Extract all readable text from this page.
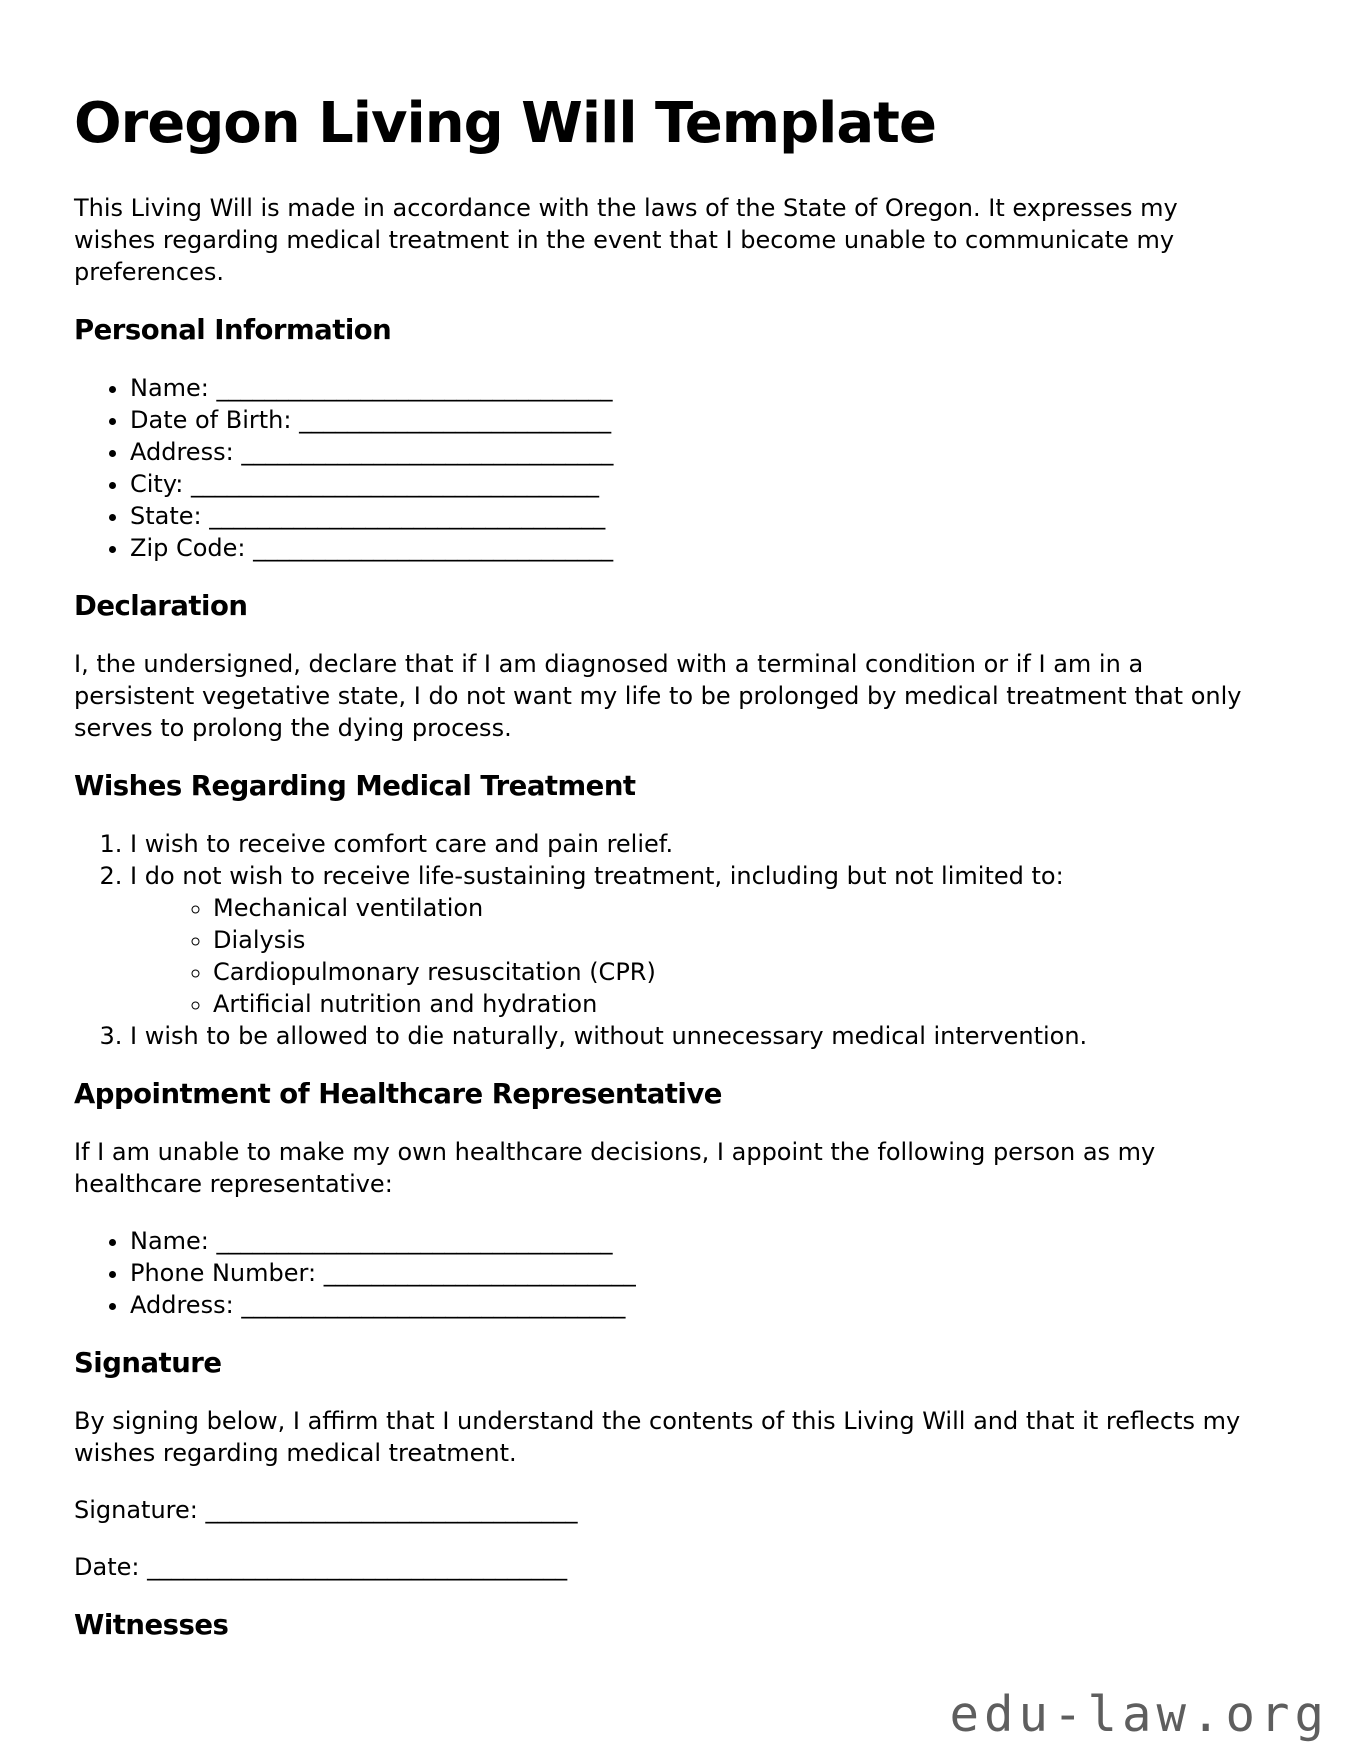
Oregon Living Will Template

This Living Will is made in accordance with the laws of the State of Oregon. It expresses my wishes regarding medical treatment in the event that I become unable to communicate my preferences.

Personal Information
• Name: _________________________________
• Date of Birth: __________________________
• Address: _______________________________
• City: __________________________________
• State: _________________________________
• Zip Code: ______________________________
Declaration

I, the undersigned, declare that if I am diagnosed with a terminal condition or if I am in a persistent vegetative state, I do not want my life to be prolonged by medical treatment that only serves to prolong the dying process.

Wishes Regarding Medical Treatment
1. I wish to receive comfort care and pain relief.
2. I do not wish to receive life-sustaining treatment, including but not limited to:
◦ Mechanical ventilation
◦ Dialysis
◦ Cardiopulmonary resuscitation (CPR)
◦ Artificial nutrition and hydration
3. I wish to be allowed to die naturally, without unnecessary medical intervention.
Appointment of Healthcare Representative

If I am unable to make my own healthcare decisions, I appoint the following person as my healthcare representative:

• Name: _________________________________
• Phone Number: __________________________
• Address: ________________________________
Signature

By signing below, I affirm that I understand the contents of this Living Will and that it reflects my wishes regarding medical treatment.

Signature: _______________________________

Date: ___________________________________

Witnesses
edu-law.org
